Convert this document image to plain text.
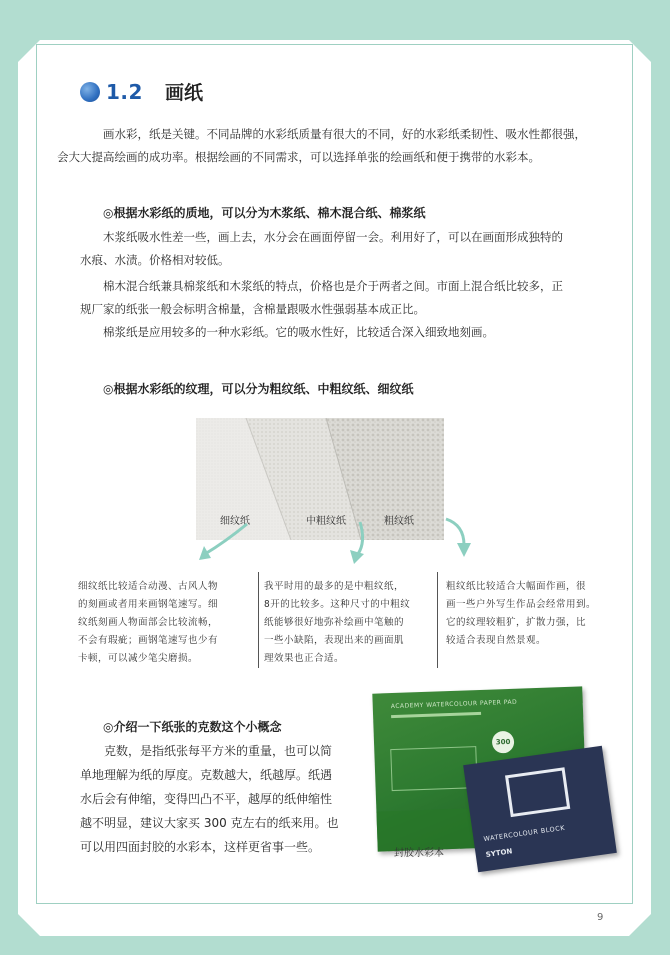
1.2 画纸
画水彩，纸是关键。不同品牌的水彩纸质量有很大的不同，好的水彩纸柔韧性、吸水性都很强，
会大大提高绘画的成功率。根据绘画的不同需求，可以选择单张的绘画纸和便于携带的水彩本。
◎根据水彩纸的质地，可以分为木浆纸、棉木混合纸、棉浆纸
木浆纸吸水性差一些，画上去，水分会在画面停留一会。利用好了，可以在画面形成独特的
水痕、水渍。价格相对较低。
棉木混合纸兼具棉浆纸和木浆纸的特点，价格也是介于两者之间。市面上混合纸比较多，正
规厂家的纸张一般会标明含棉量，含棉量跟吸水性强弱基本成正比。
棉浆纸是应用较多的一种水彩纸。它的吸水性好，比较适合深入细致地刻画。
◎根据水彩纸的纹理，可以分为粗纹纸、中粗纹纸、细纹纸
细纹纸	中粗纹纸	粗纹纸
细纹纸比较适合动漫、古风人物
的刻画或者用来画钢笔速写。细
纹纸刻画人物面部会比较流畅，
不会有瑕疵；画钢笔速写也少有
卡顿，可以减少笔尖磨损。
我平时用的最多的是中粗纹纸，
8开的比较多。这种尺寸的中粗纹
纸能够很好地弥补绘画中笔触的
一些小缺陷，表现出来的画面肌
理效果也正合适。
粗纹纸比较适合大幅面作画，很
画一些户外写生作品会经常用到。
它的纹理较粗犷，扩散力强，比
较适合表现自然景观。
◎介绍一下纸张的克数这个小概念
克数，是指纸张每平方米的重量，也可以简
单地理解为纸的厚度。克数越大，纸越厚。纸遇
水后会有伸缩，变得凹凸不平，越厚的纸伸缩性
越不明显，建议大家买 300 克左右的纸来用。也
可以用四面封胶的水彩本，这样更省事一些。
ACADEMY WATERCOLOUR PAPER PAD
300
WATERCOLOUR BLOCK
SYTON
封胶水彩本
9
